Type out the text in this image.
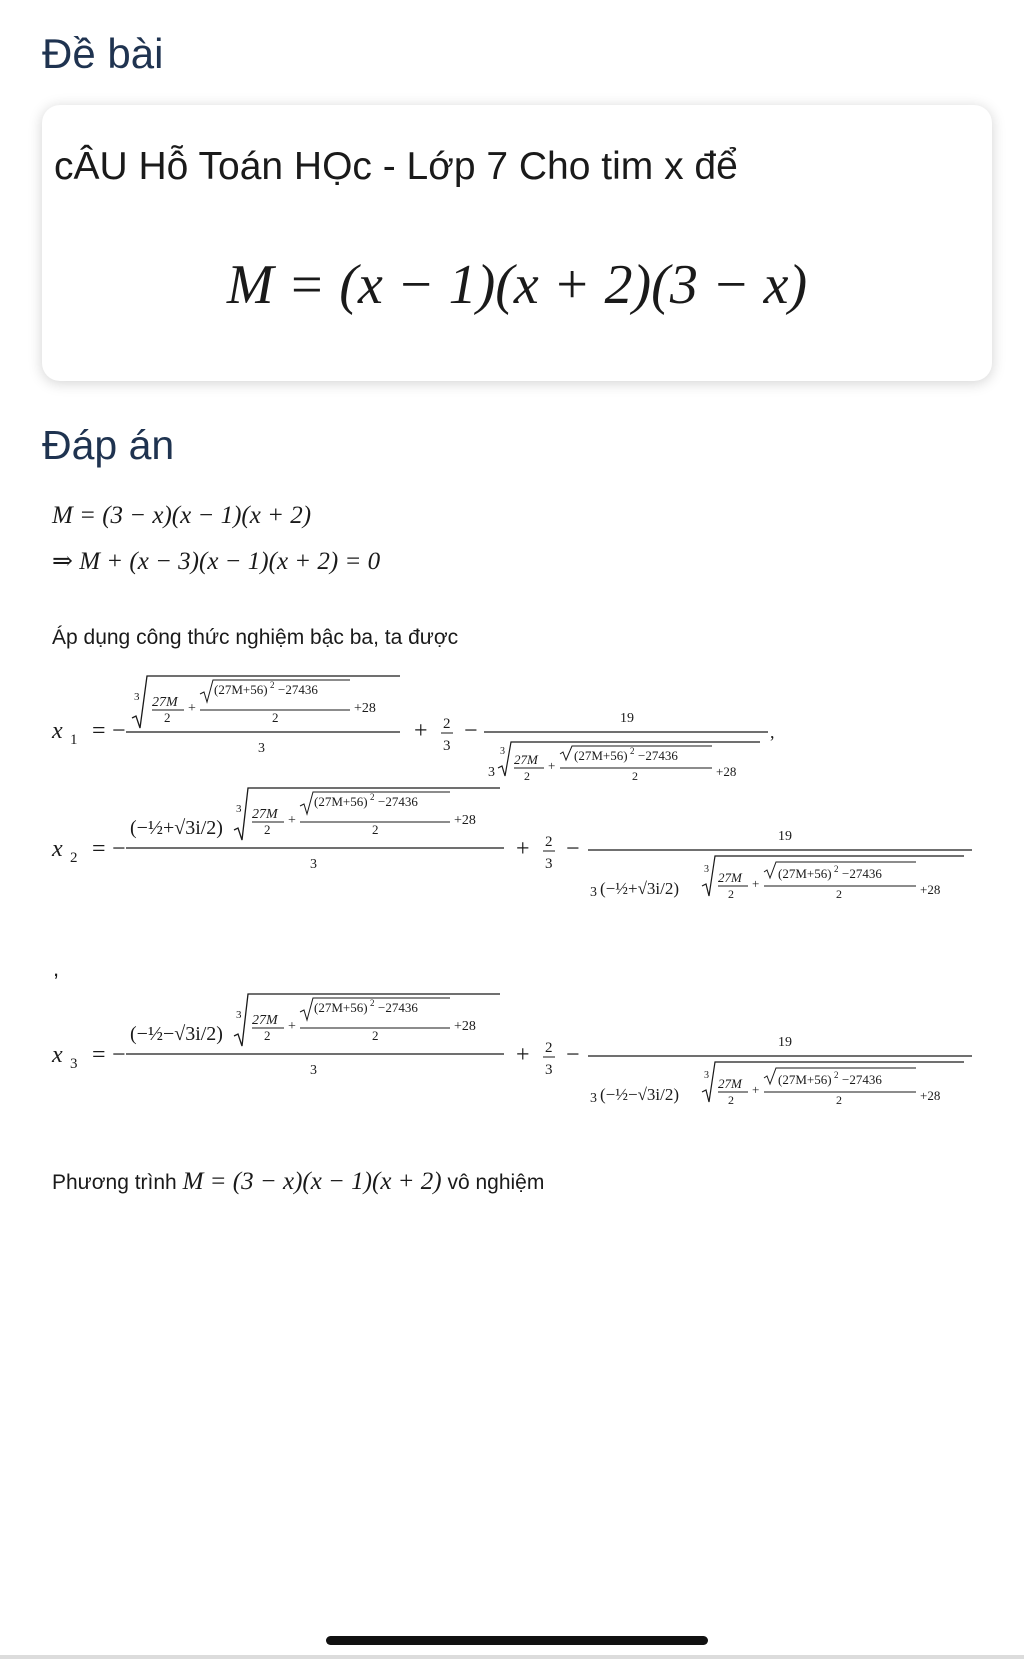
Đề bài
cÂU Hỗ Toán HỌc - Lớp 7 Cho tim x để
M = (x − 1)(x + 2)(3 − x)
Đáp án
M = (3 − x)(x − 1)(x + 2)
⇒ M + (x − 3)(x − 1)(x + 2) = 0
Áp dụng công thức nghiệm bậc ba, ta được
x 1 = −
3 27M
2
+
(27M+56) 2 −27436
2
+28
3
+ 2
3
−	19
3
3
27M
2
+
(27M+56) 2 −27436
2	+28
,
x 2 = −
(−½+√3i/2)
3 27M
2
+
(27M+56) 2 −27436
2
+28
3
+ 2
3
−	19
3 (−½+√3i/2)
3
27M
2
+
(27M+56) 2 −27436
2	+28
,
x 3 = −
(−½−√3i/2)
3 27M
2
+
(27M+56) 2 −27436
2
+28
3
+ 2
3
−	19
3 (−½−√3i/2)
3
27M
2
+
(27M+56) 2 −27436
2	+28
Phương trình M = (3 − x)(x − 1)(x + 2) vô nghiệm
